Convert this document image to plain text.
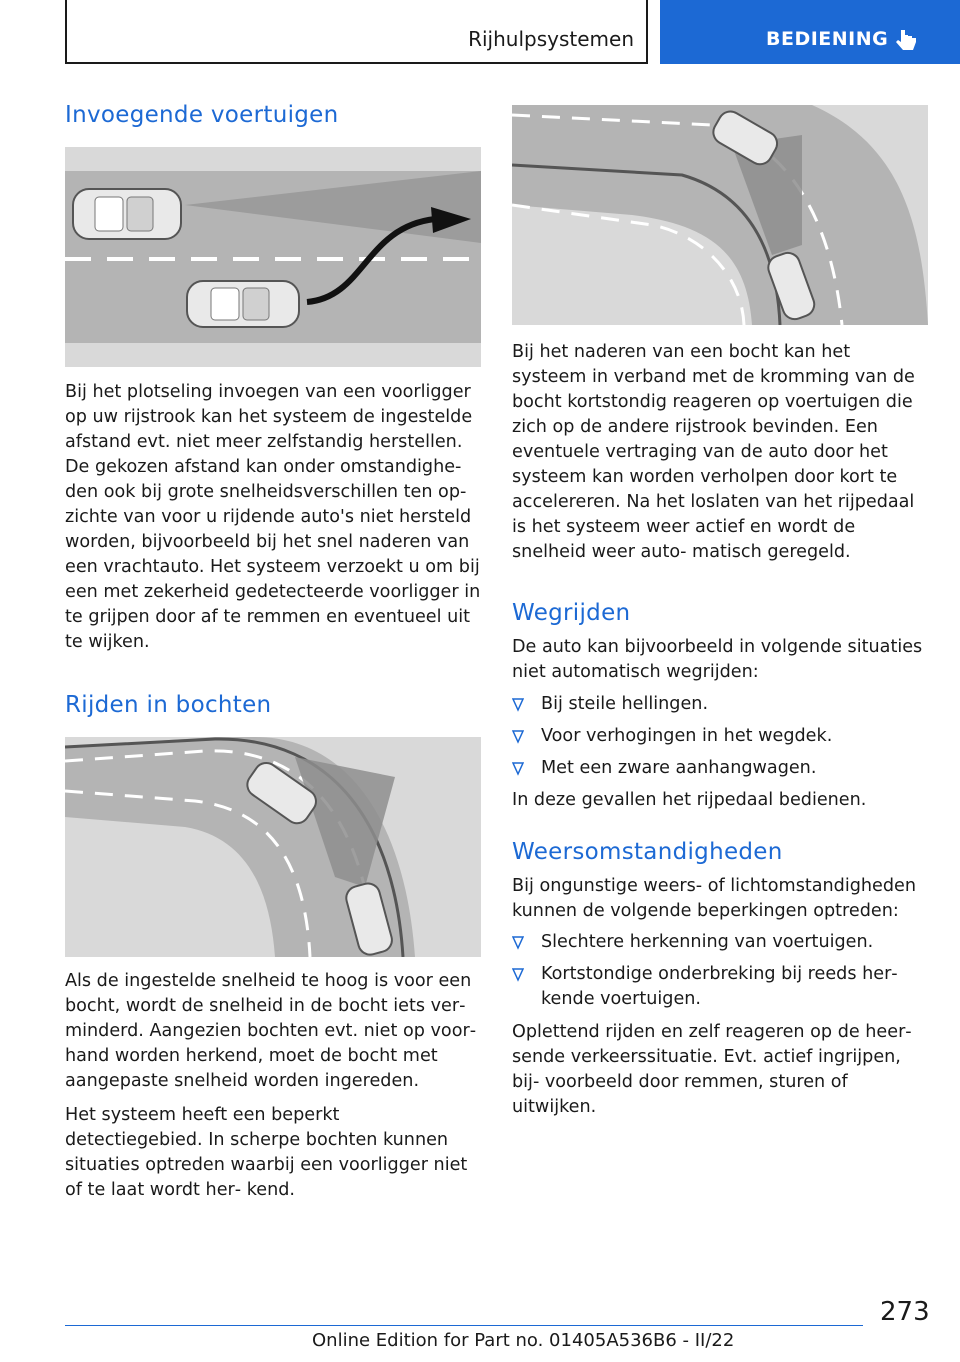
Rijhulpsystemen	BEDIENING
Invoegende voertuigen

Bij het plotseling invoegen van een voorligger op uw rijstrook kan het systeem de ingestelde afstand evt. niet meer zelfstandig herstellen. De gekozen afstand kan onder omstandighe‐ den ook bij grote snelheidsverschillen ten op‐ zichte van voor u rijdende auto's niet hersteld worden, bijvoorbeeld bij het snel naderen van een vrachtauto. Het systeem verzoekt u om bij een met zekerheid gedetecteerde voorligger in te grijpen door af te remmen en eventueel uit te wijken.

Rijden in bochten

Als de ingestelde snelheid te hoog is voor een bocht, wordt de snelheid in de bocht iets ver‐ minderd. Aangezien bochten evt. niet op voor‐ hand worden herkend, moet de bocht met aangepaste snelheid worden ingereden.

Het systeem heeft een beperkt detectiegebied. In scherpe bochten kunnen situaties optreden waarbij een voorligger niet of te laat wordt her‐ kend.

Bij het naderen van een bocht kan het systeem in verband met de kromming van de bocht kortstondig reageren op voertuigen die zich op de andere rijstrook bevinden. Een eventuele vertraging van de auto door het systeem kan worden verholpen door kort te accelereren. Na het loslaten van het rijpedaal is het systeem weer actief en wordt de snelheid weer auto‐ matisch geregeld.

Wegrijden

De auto kan bijvoorbeeld in volgende situaties niet automatisch wegrijden:

Bij steile hellingen.
Voor verhogingen in het wegdek.
Met een zware aanhangwagen.

In deze gevallen het rijpedaal bedienen.

Weersomstandigheden

Bij ongunstige weers- of lichtomstandigheden kunnen de volgende beperkingen optreden:

Slechtere herkenning van voertuigen.
Kortstondige onderbreking bij reeds her‐ kende voertuigen.

Oplettend rijden en zelf reageren op de heer‐ sende verkeerssituatie. Evt. actief ingrijpen, bij‐ voorbeeld door remmen, sturen of uitwijken.

273
Online Edition for Part no. 01405A536B6 - II/22
